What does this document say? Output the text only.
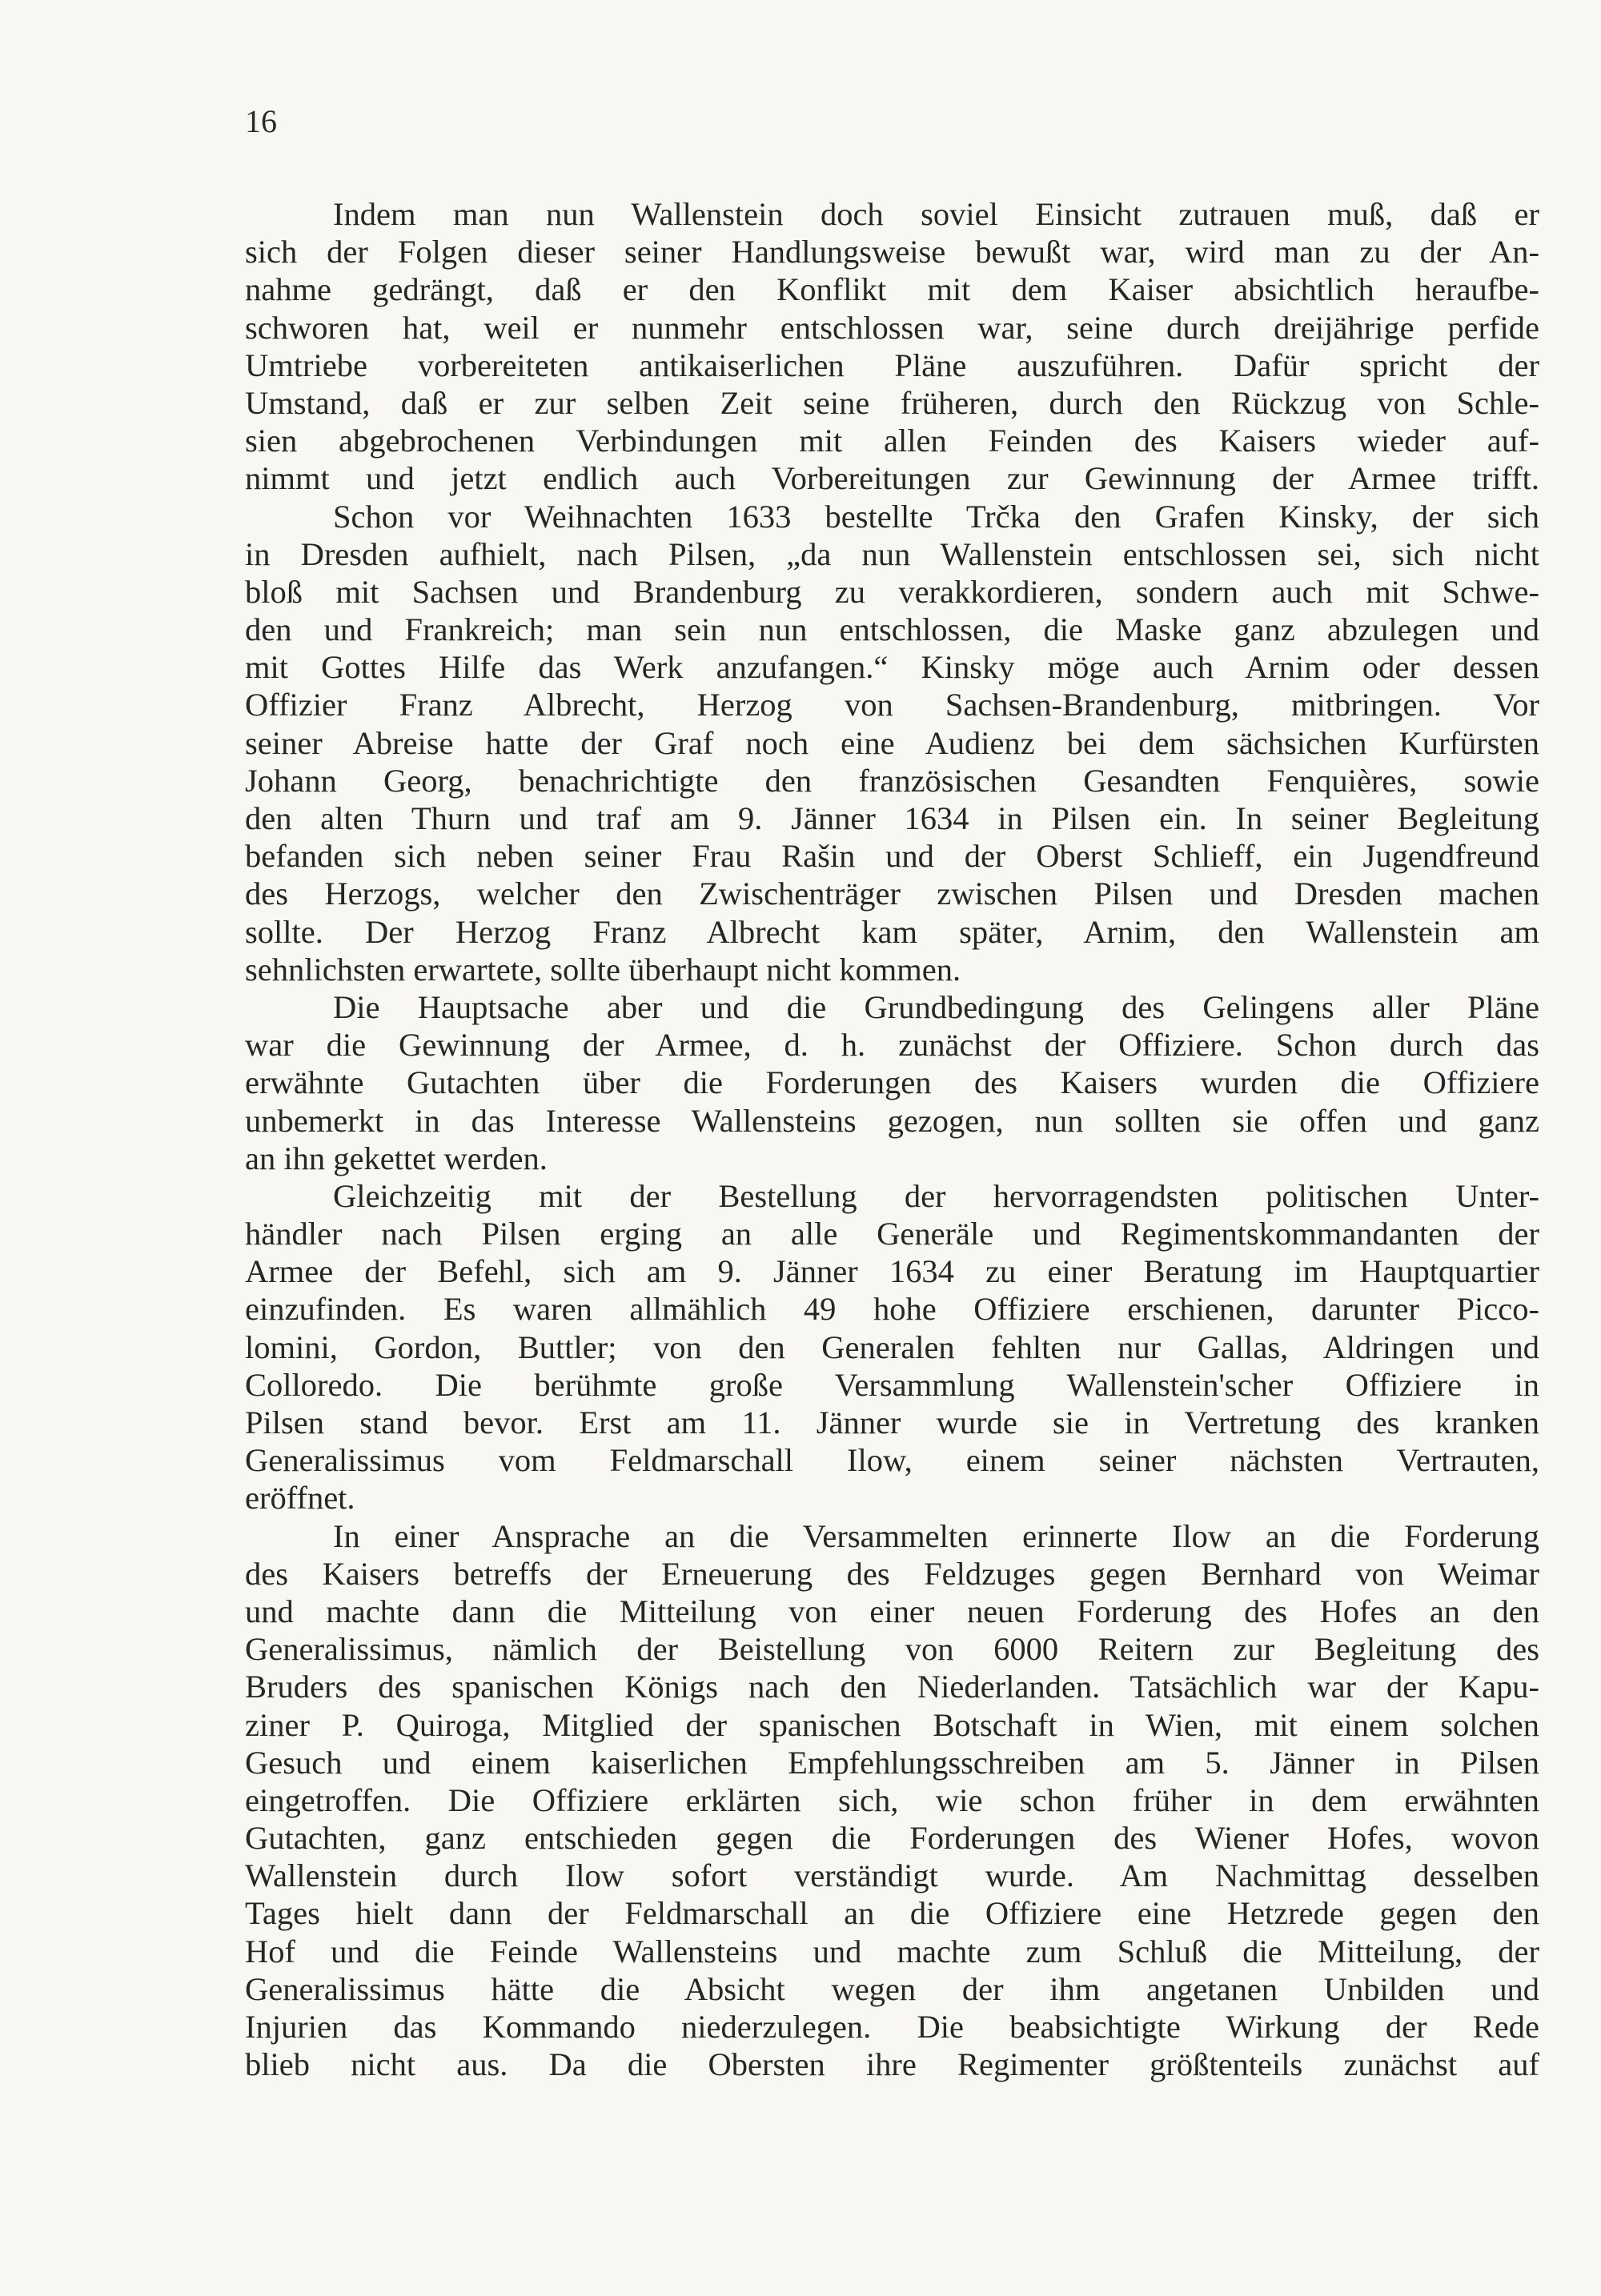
16
Indem man nun Wallenstein doch soviel Einsicht zutrauen muß, daß er
sich der Folgen dieser seiner Handlungsweise bewußt war, wird man zu der An-
nahme gedrängt, daß er den Konflikt mit dem Kaiser absichtlich heraufbe-
schworen hat, weil er nunmehr entschlossen war, seine durch dreijährige perfide
Umtriebe vorbereiteten antikaiserlichen Pläne auszuführen. Dafür spricht der
Umstand, daß er zur selben Zeit seine früheren, durch den Rückzug von Schle-
sien abgebrochenen Verbindungen mit allen Feinden des Kaisers wieder auf-
nimmt und jetzt endlich auch Vorbereitungen zur Gewinnung der Armee trifft.
Schon vor Weihnachten 1633 bestellte Trčka den Grafen Kinsky, der sich
in Dresden aufhielt, nach Pilsen, „da nun Wallenstein entschlossen sei, sich nicht
bloß mit Sachsen und Brandenburg zu verakkordieren, sondern auch mit Schwe-
den und Frankreich; man sein nun entschlossen, die Maske ganz abzulegen und
mit Gottes Hilfe das Werk anzufangen.“ Kinsky möge auch Arnim oder dessen
Offizier Franz Albrecht, Herzog von Sachsen-Brandenburg, mitbringen. Vor
seiner Abreise hatte der Graf noch eine Audienz bei dem sächsichen Kurfürsten
Johann Georg, benachrichtigte den französischen Gesandten Fenquières, sowie
den alten Thurn und traf am 9. Jänner 1634 in Pilsen ein. In seiner Begleitung
befanden sich neben seiner Frau Rašin und der Oberst Schlieff, ein Jugendfreund
des Herzogs, welcher den Zwischenträger zwischen Pilsen und Dresden machen
sollte. Der Herzog Franz Albrecht kam später, Arnim, den Wallenstein am
sehnlichsten erwartete, sollte überhaupt nicht kommen.
Die Hauptsache aber und die Grundbedingung des Gelingens aller Pläne
war die Gewinnung der Armee, d. h. zunächst der Offiziere. Schon durch das
erwähnte Gutachten über die Forderungen des Kaisers wurden die Offiziere
unbemerkt in das Interesse Wallensteins gezogen, nun sollten sie offen und ganz
an ihn gekettet werden.
Gleichzeitig mit der Bestellung der hervorragendsten politischen Unter-
händler nach Pilsen erging an alle Generäle und Regimentskommandanten der
Armee der Befehl, sich am 9. Jänner 1634 zu einer Beratung im Hauptquartier
einzufinden. Es waren allmählich 49 hohe Offiziere erschienen, darunter Picco-
lomini, Gordon, Buttler; von den Generalen fehlten nur Gallas, Aldringen und
Colloredo. Die berühmte große Versammlung Wallenstein'scher Offiziere in
Pilsen stand bevor. Erst am 11. Jänner wurde sie in Vertretung des kranken
Generalissimus vom Feldmarschall Ilow, einem seiner nächsten Vertrauten,
eröffnet.
In einer Ansprache an die Versammelten erinnerte Ilow an die Forderung
des Kaisers betreffs der Erneuerung des Feldzuges gegen Bernhard von Weimar
und machte dann die Mitteilung von einer neuen Forderung des Hofes an den
Generalissimus, nämlich der Beistellung von 6000 Reitern zur Begleitung des
Bruders des spanischen Königs nach den Niederlanden. Tatsächlich war der Kapu-
ziner P. Quiroga, Mitglied der spanischen Botschaft in Wien, mit einem solchen
Gesuch und einem kaiserlichen Empfehlungsschreiben am 5. Jänner in Pilsen
eingetroffen. Die Offiziere erklärten sich, wie schon früher in dem erwähnten
Gutachten, ganz entschieden gegen die Forderungen des Wiener Hofes, wovon
Wallenstein durch Ilow sofort verständigt wurde. Am Nachmittag desselben
Tages hielt dann der Feldmarschall an die Offiziere eine Hetzrede gegen den
Hof und die Feinde Wallensteins und machte zum Schluß die Mitteilung, der
Generalissimus hätte die Absicht wegen der ihm angetanen Unbilden und
Injurien das Kommando niederzulegen. Die beabsichtigte Wirkung der Rede
blieb nicht aus. Da die Obersten ihre Regimenter größtenteils zunächst auf
